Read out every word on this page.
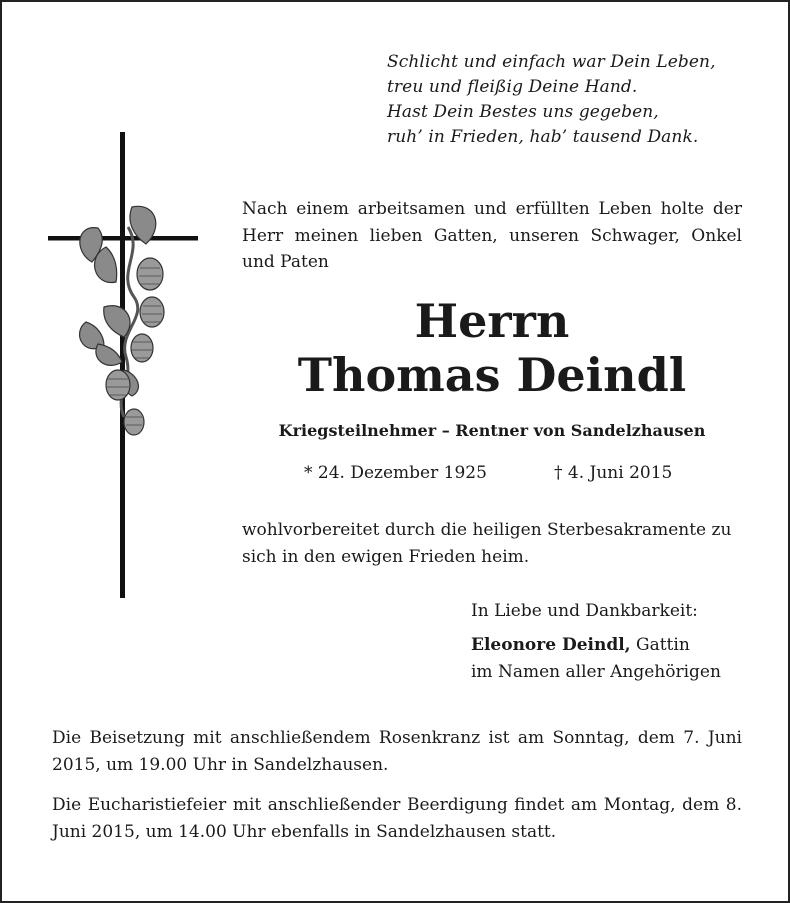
Schlicht und einfach war Dein Leben,
treu und fleißig Deine Hand.
Hast Dein Bestes uns gegeben,
ruh’ in Frieden, hab’ tausend Dank.
Nach einem arbeitsamen und erfüllten Leben holte der Herr meinen lieben Gatten, unseren Schwager, Onkel und Paten
Herrn
Thomas Deindl
Kriegsteilnehmer – Rentner von Sandelzhausen
* 24. Dezember 1925	† 4. Juni 2015
wohlvorbereitet durch die heiligen Sterbesakramente zu sich in den ewigen Frieden heim.
In Liebe und Dankbarkeit:
Eleonore Deindl, Gattin
im Namen aller Angehörigen
Die Beisetzung mit anschließendem Rosenkranz ist am Sonntag, dem 7. Juni 2015, um 19.00 Uhr in Sandelzhausen.
Die Eucharistiefeier mit anschließender Beerdigung findet am Montag, dem 8. Juni 2015, um 14.00 Uhr ebenfalls in Sandelzhausen statt.
